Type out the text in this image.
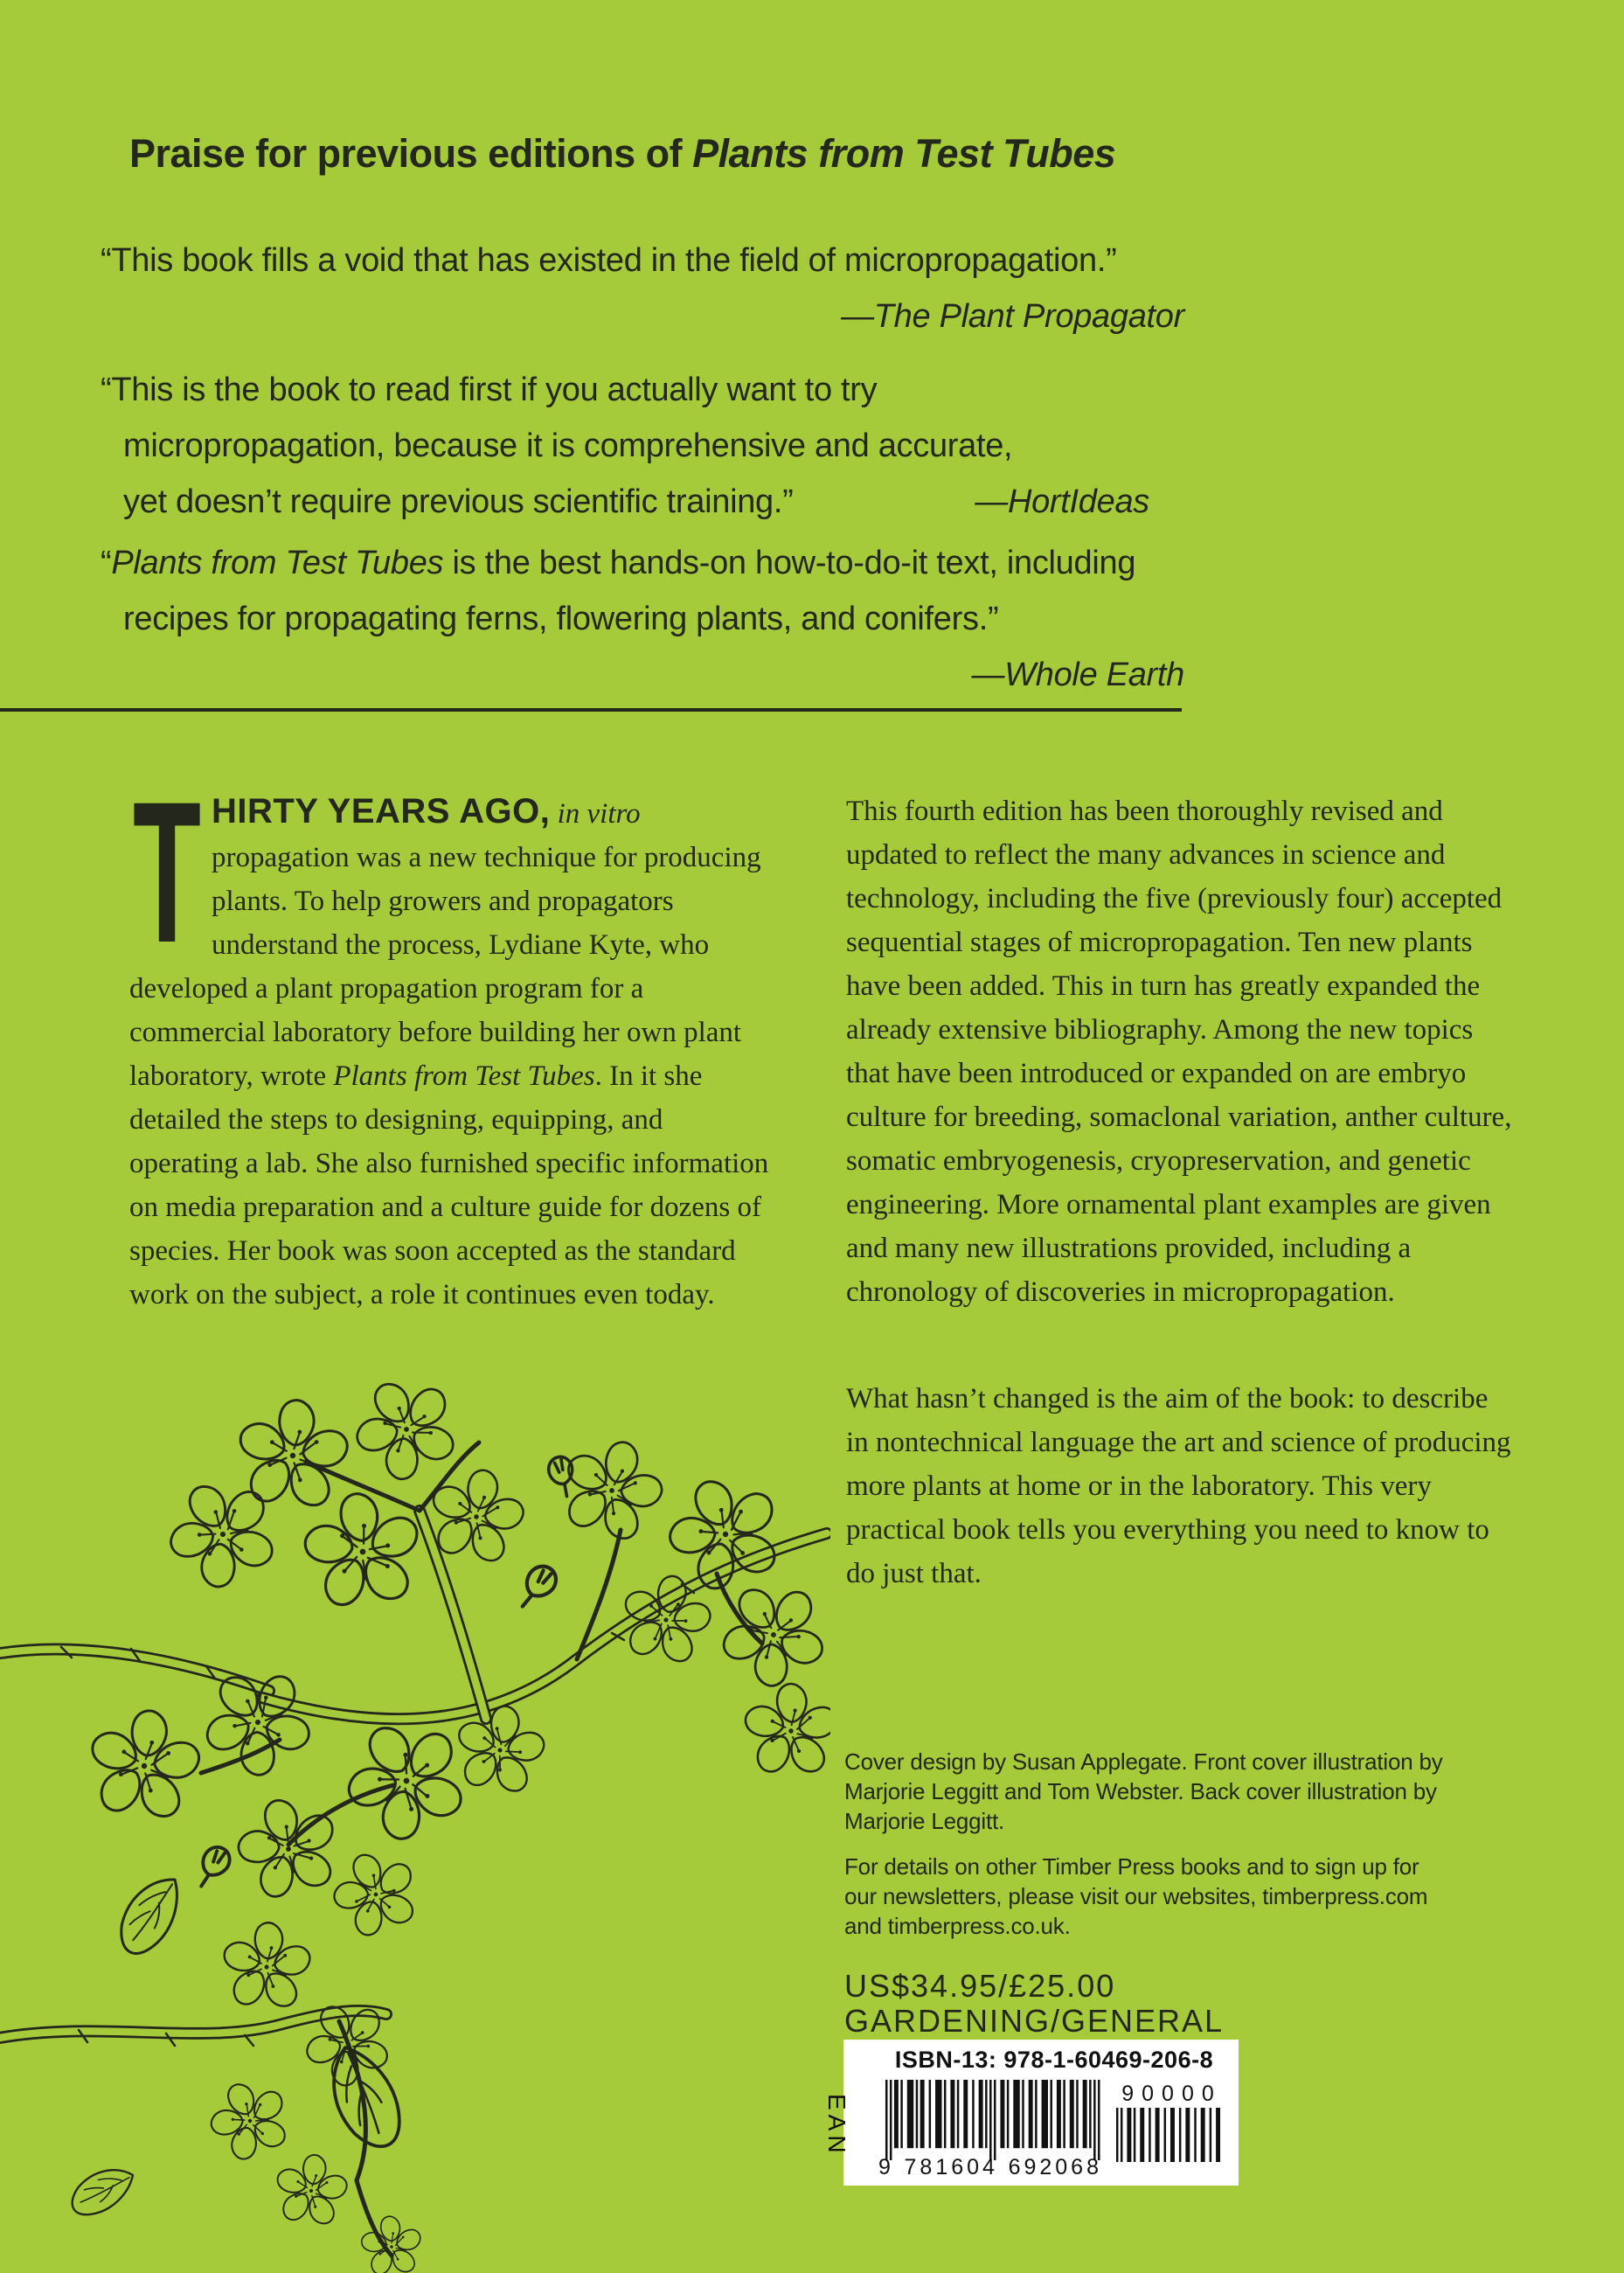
Praise for previous editions of Plants from Test Tubes
“This book fills a void that has existed in the field of micropropagation.”
—The Plant Propagator
“This is the book to read first if you actually want to try
micropropagation, because it is comprehensive and accurate,
yet doesn’t require previous scientific training.”	—HortIdeas
“Plants from Test Tubes is the best hands-on how-to-do-it text, including
recipes for propagating ferns, flowering plants, and conifers.”
—Whole Earth

T HIRTY YEARS AGO, in vitro propagation was a new technique for producing plants. To help growers and propagators understand the process, Lydiane Kyte, who developed a plant propagation program for a commercial laboratory before building her own plant laboratory, wrote Plants from Test Tubes. In it she detailed the steps to designing, equipping, and operating a lab. She also furnished specific information on media preparation and a culture guide for dozens of species. Her book was soon accepted as the standard work on the subject, a role it continues even today.

This fourth edition has been thoroughly revised and updated to reflect the many advances in science and technology, including the five (previously four) accepted sequential stages of micropropagation. Ten new plants have been added. This in turn has greatly expanded the already extensive bibliography. Among the new topics that have been introduced or expanded on are embryo culture for breeding, somaclonal variation, anther culture, somatic embryogenesis, cryopreservation, and genetic engineering. More ornamental plant examples are given and many new illustrations provided, including a chronology of discoveries in micropropagation.

What hasn’t changed is the aim of the book: to describe in nontechnical language the art and science of producing more plants at home or in the laboratory. This very practical book tells you everything you need to know to do just that.

Cover design by Susan Applegate. Front cover illustration by Marjorie Leggitt and Tom Webster. Back cover illustration by Marjorie Leggitt.

For details on other Timber Press books and to sign up for our newsletters, please visit our websites, timberpress.com and timberpress.co.uk.

US$34.95/£25.00
GARDENING/GENERAL
ISBN-13: 978-1-60469-206-8
EAN
9 781604 692068
90000
